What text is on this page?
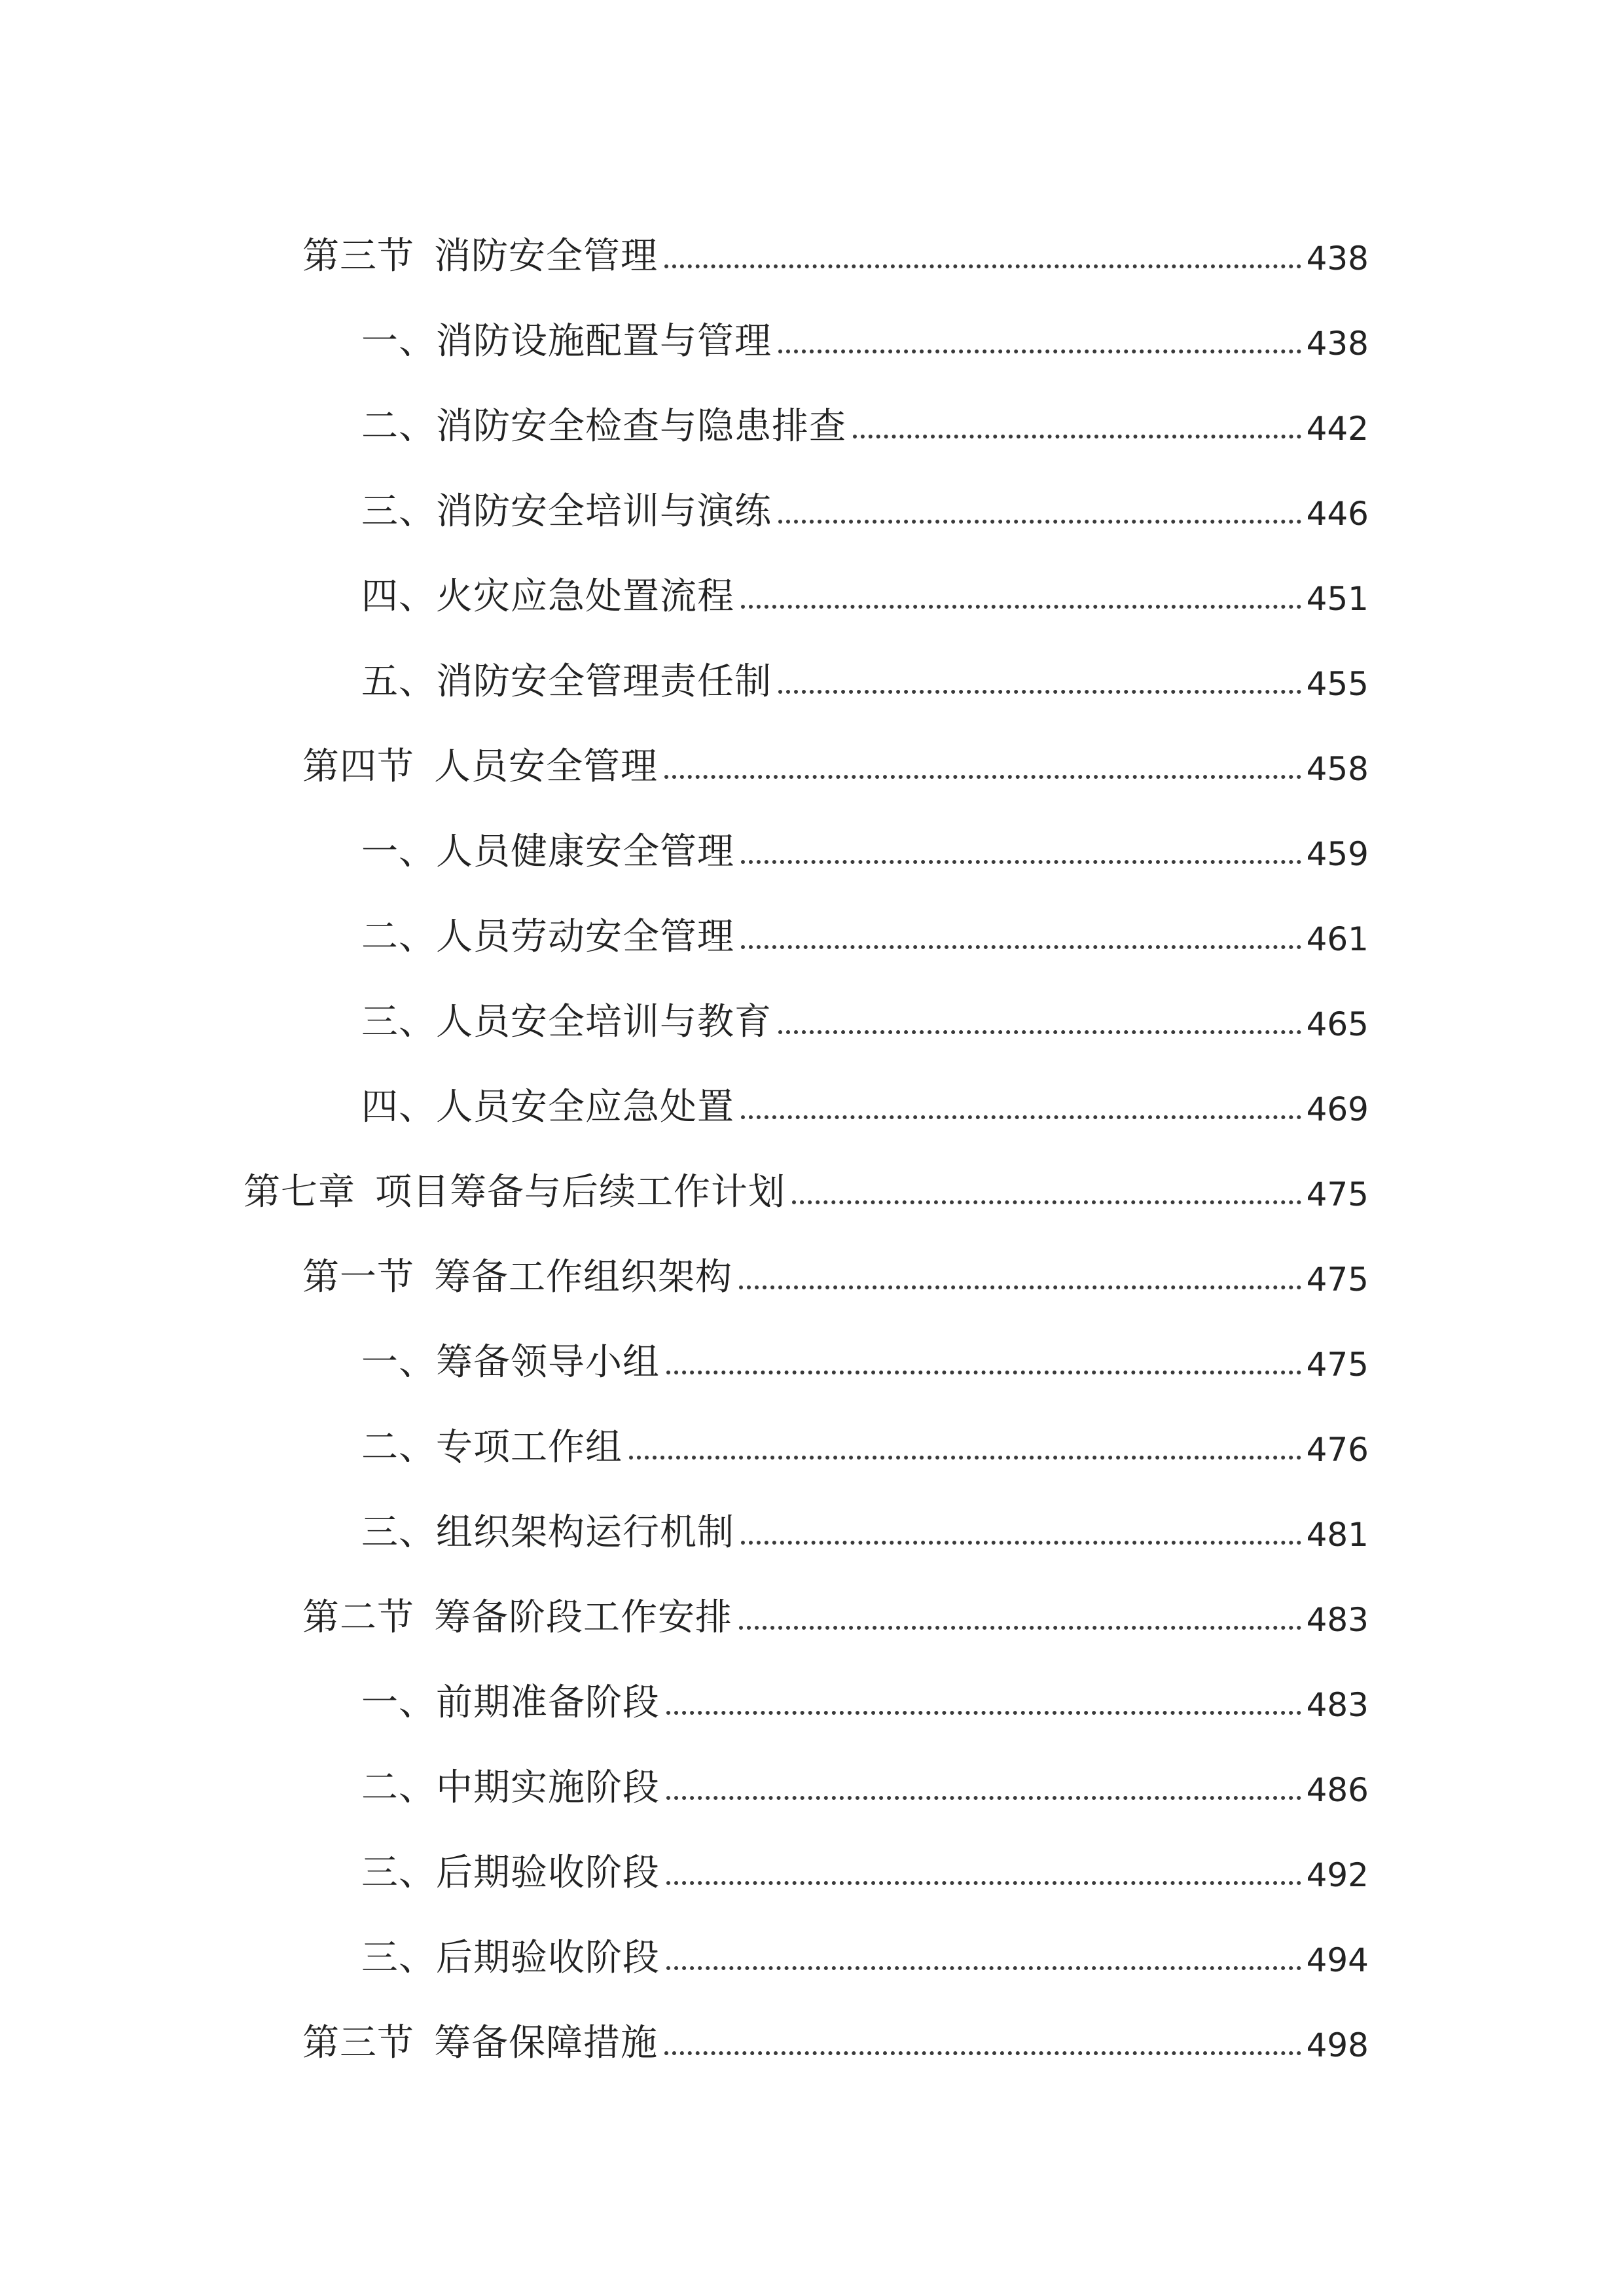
第三节 消防安全管理	438
一、消防设施配置与管理	438
二、消防安全检查与隐患排查	442
三、消防安全培训与演练	446
四、火灾应急处置流程	451
五、消防安全管理责任制	455
第四节 人员安全管理	458
一、人员健康安全管理	459
二、人员劳动安全管理	461
三、人员安全培训与教育	465
四、人员安全应急处置	469
第七章 项目筹备与后续工作计划	475
第一节 筹备工作组织架构	475
一、筹备领导小组	475
二、专项工作组	476
三、组织架构运行机制	481
第二节 筹备阶段工作安排	483
一、前期准备阶段	483
二、中期实施阶段	486
三、后期验收阶段	492
三、后期验收阶段	494
第三节 筹备保障措施	498
